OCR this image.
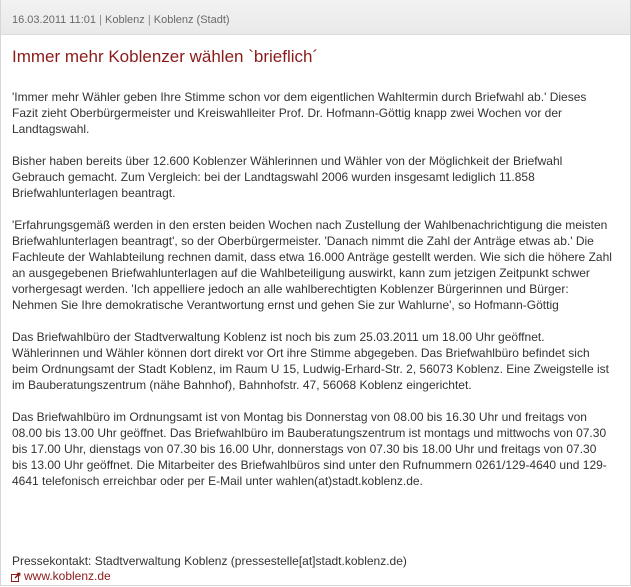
16.03.2011 11:01 | Koblenz | Koblenz (Stadt)
Immer mehr Koblenzer wählen `brieflich´

'Immer mehr Wähler geben Ihre Stimme schon vor dem eigentlichen Wahltermin durch Briefwahl ab.' Dieses Fazit zieht Oberbürgermeister und Kreiswahlleiter Prof. Dr. Hofmann-Göttig knapp zwei Wochen vor der Landtagswahl.

Bisher haben bereits über 12.600 Koblenzer Wählerinnen und Wähler von der Möglichkeit der Briefwahl Gebrauch gemacht. Zum Vergleich: bei der Landtagswahl 2006 wurden insgesamt lediglich 11.858 Briefwahlunterlagen beantragt.

'Erfahrungsgemäß werden in den ersten beiden Wochen nach Zustellung der Wahlbenachrichtigung die meisten Briefwahlunterlagen beantragt', so der Oberbürgermeister. 'Danach nimmt die Zahl der Anträge etwas ab.' Die Fachleute der Wahlabteilung rechnen damit, dass etwa 16.000 Anträge gestellt werden. Wie sich die höhere Zahl an ausgegebenen Briefwahlunterlagen auf die Wahlbeteiligung auswirkt, kann zum jetzigen Zeitpunkt schwer vorhergesagt werden. 'Ich appelliere jedoch an alle wahlberechtigten Koblenzer Bürgerinnen und Bürger: Nehmen Sie Ihre demokratische Verantwortung ernst und gehen Sie zur Wahlurne', so Hofmann-Göttig

Das Briefwahlbüro der Stadtverwaltung Koblenz ist noch bis zum 25.03.2011 um 18.00 Uhr geöffnet. Wählerinnen und Wähler können dort direkt vor Ort ihre Stimme abgegeben. Das Briefwahlbüro befindet sich beim Ordnungsamt der Stadt Koblenz, im Raum U 15, Ludwig-Erhard-Str. 2, 56073 Koblenz. Eine Zweigstelle ist im Bauberatungszentrum (nähe Bahnhof), Bahnhofstr. 47, 56068 Koblenz eingerichtet.

Das Briefwahlbüro im Ordnungsamt ist von Montag bis Donnerstag von 08.00 bis 16.30 Uhr und freitags von 08.00 bis 13.00 Uhr geöffnet. Das Briefwahlbüro im Bauberatungszentrum ist montags und mittwochs von 07.30 bis 17.00 Uhr, dienstags von 07.30 bis 16.00 Uhr, donnerstags von 07.30 bis 18.00 Uhr und freitags von 07.30 bis 13.00 Uhr geöffnet. Die Mitarbeiter des Briefwahlbüros sind unter den Rufnummern 0261/129-4640 und 129-4641 telefonisch erreichbar oder per E-Mail unter wahlen(at)stadt.koblenz.de.

Pressekontakt: Stadtverwaltung Koblenz (pressestelle[at]stadt.koblenz.de)
www.koblenz.de
